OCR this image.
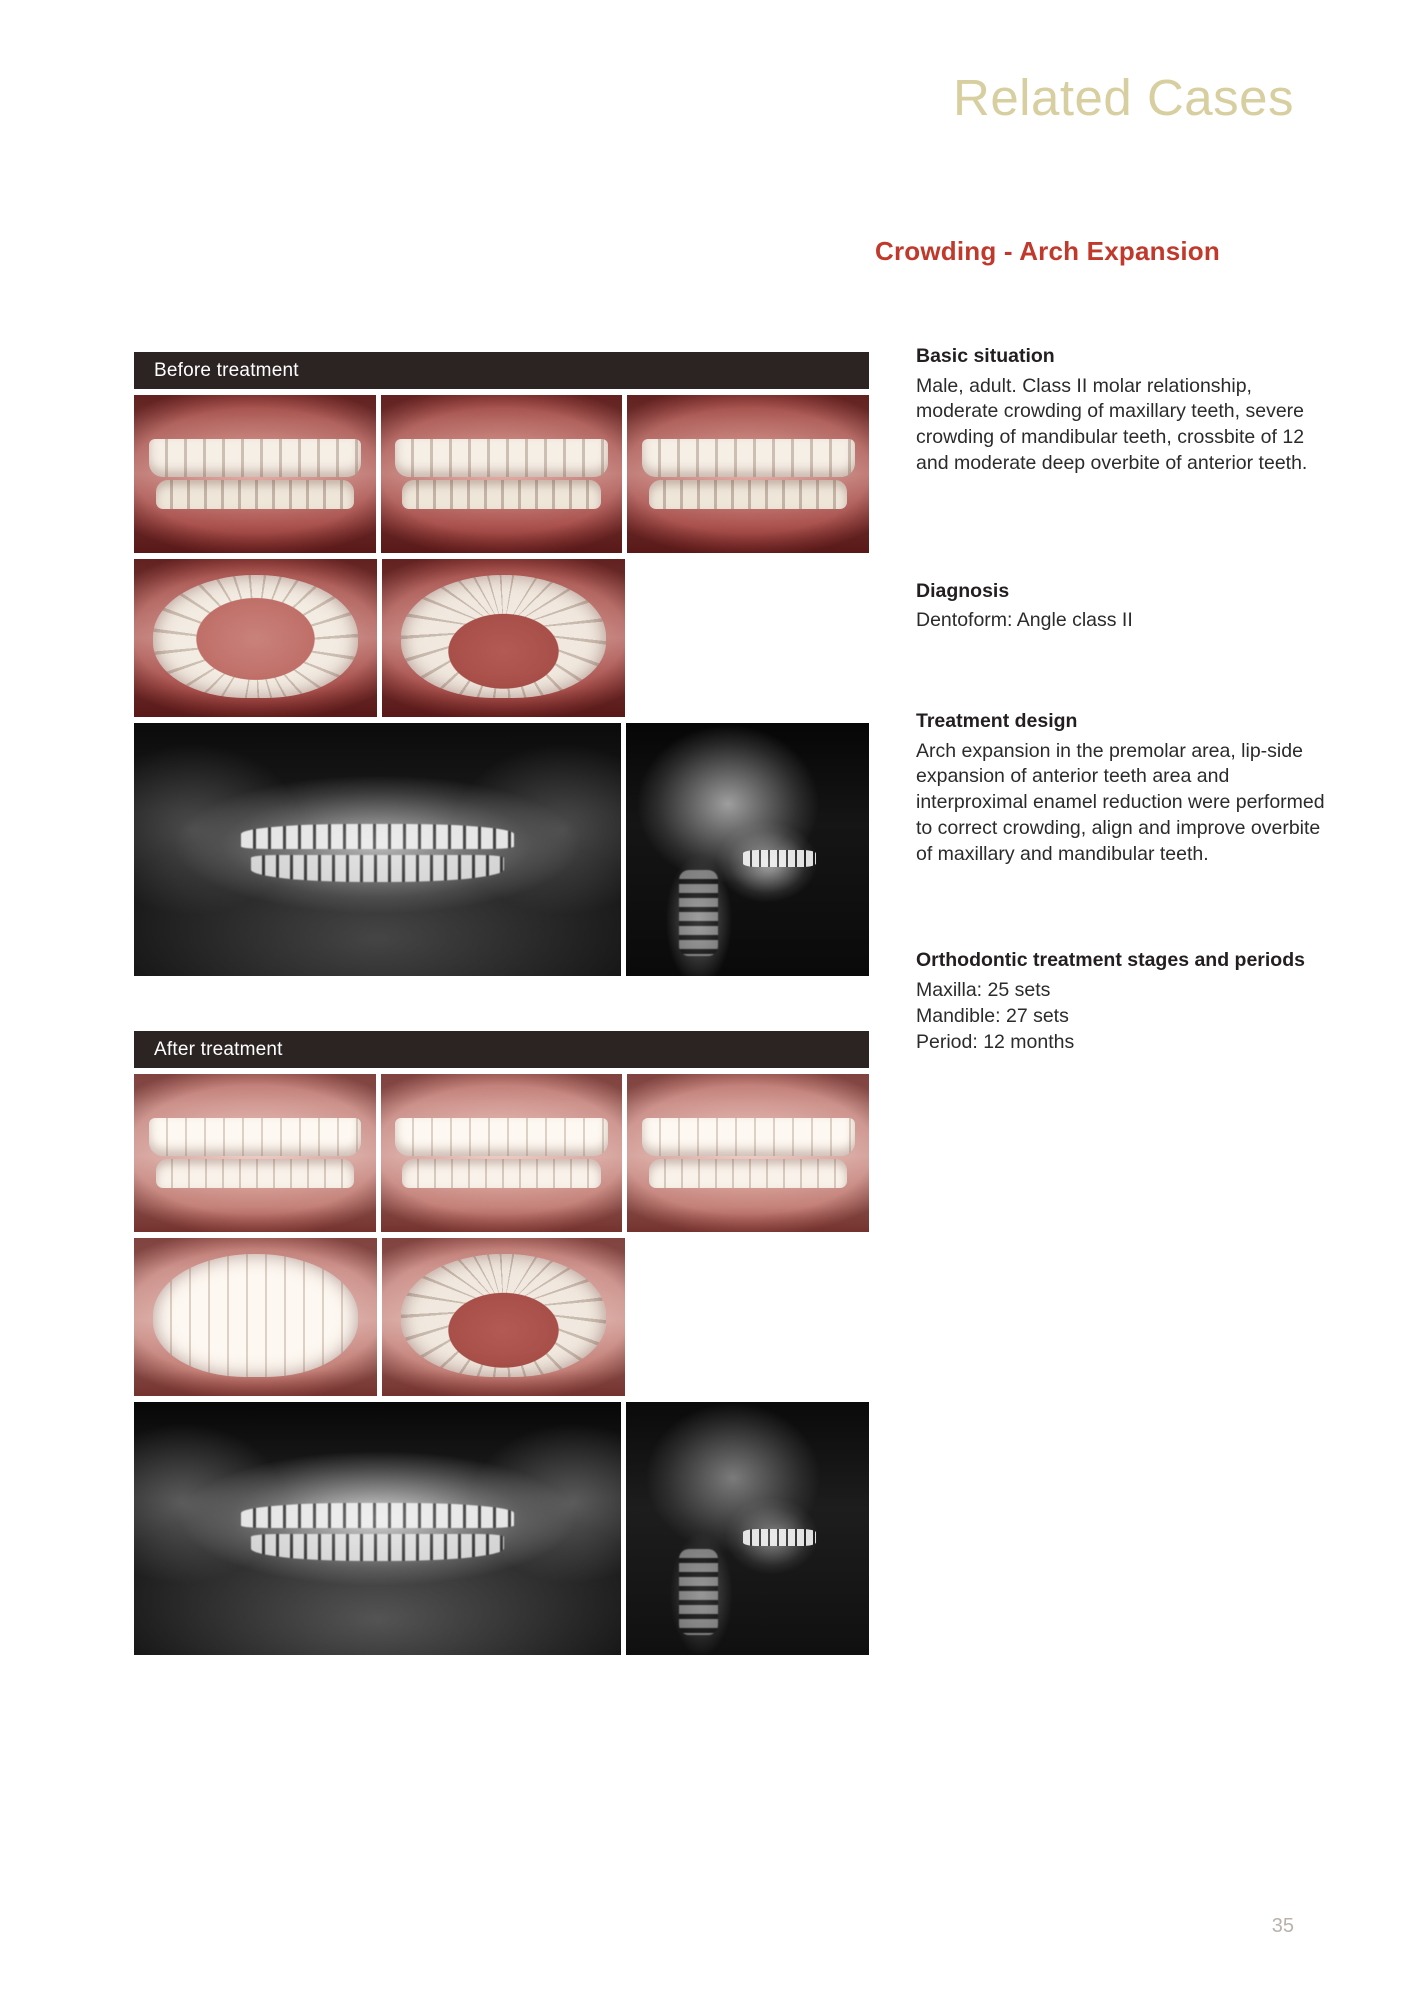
Related Cases
Crowding - Arch Expansion
Before treatment
After treatment

Basic situation

Male, adult. Class II molar relationship, moderate crowding of maxillary teeth, severe crowding of mandibular teeth, crossbite of 12 and moderate deep overbite of anterior teeth.

Diagnosis

Dentoform: Angle class II

Treatment design

Arch expansion in the premolar area, lip-side expansion of anterior teeth area and interproximal enamel reduction were performed to correct crowding, align and improve overbite of maxillary and mandibular teeth.

Orthodontic treatment stages and periods

Maxilla: 25 sets

Mandible: 27 sets

Period: 12 months

35
